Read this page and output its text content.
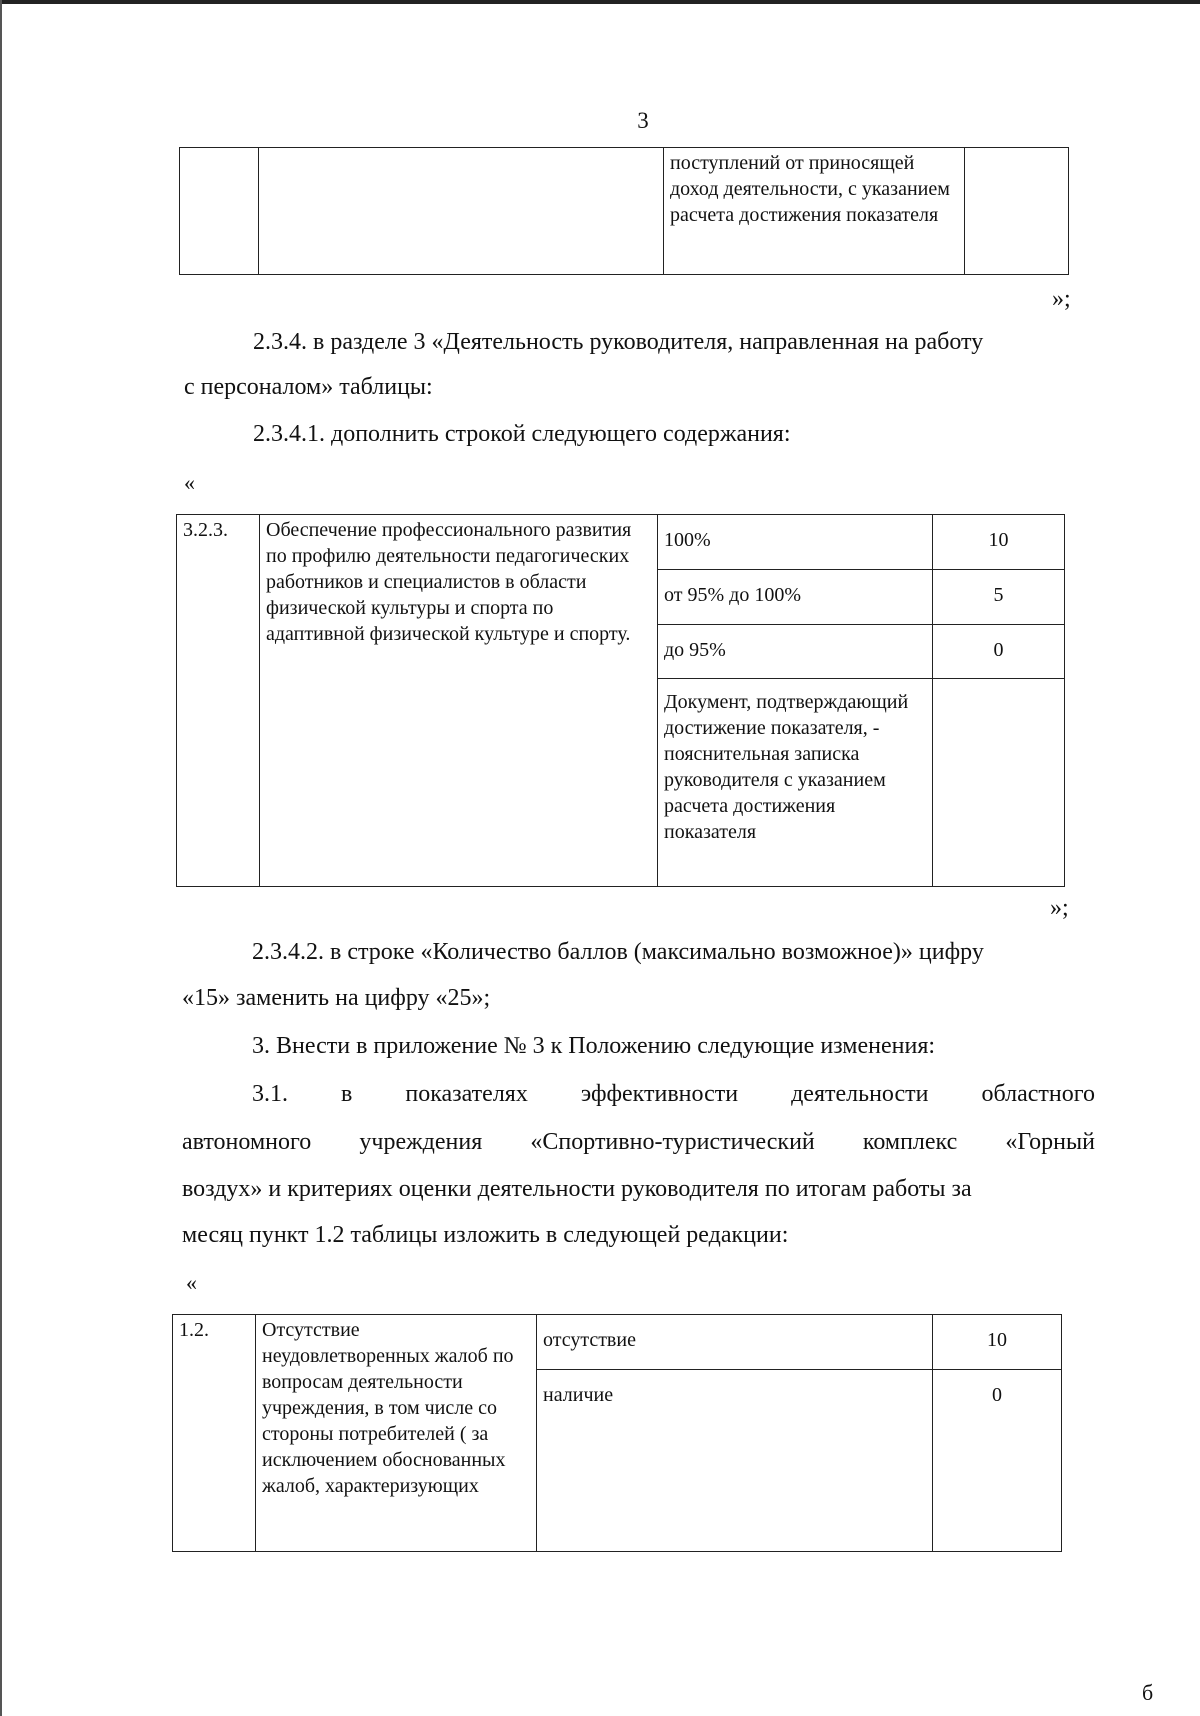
3
		поступлений от приносящей доход деятельности, с указанием расчета достижения показателя	
»;
2.3.4. в разделе 3 «Деятельность руководителя, направленная на работу
с персоналом» таблицы:
2.3.4.1. дополнить строкой следующего содержания:
«
3.2.3.	Обеспечение профессионального развития по профилю деятельности педагогических работников и специалистов в области физической культуры и спорта по адаптивной физической культуре и спорту.	100%	10
		от 95% до 100%	5
		до 95%	0
		Документ, подтверждающий достижение показателя, - пояснительная записка руководителя с указанием расчета достижения показателя	
»;
2.3.4.2. в строке «Количество баллов (максимально возможное)» цифру
«15» заменить на цифру «25»;
3. Внести в приложение № 3 к Положению следующие изменения:
3.1. в показателях эффективности деятельности областного
автономного учреждения «Спортивно-туристический комплекс «Горный
воздух» и критериях оценки деятельности руководителя по итогам работы за
месяц пункт 1.2 таблицы изложить в следующей редакции:
«
1.2.	Отсутствие неудовлетворенных жалоб по вопросам деятельности учреждения, в том числе со стороны потребителей ( за исключением обоснованных жалоб, характеризующих	отсутствие	10
		наличие	0
б
